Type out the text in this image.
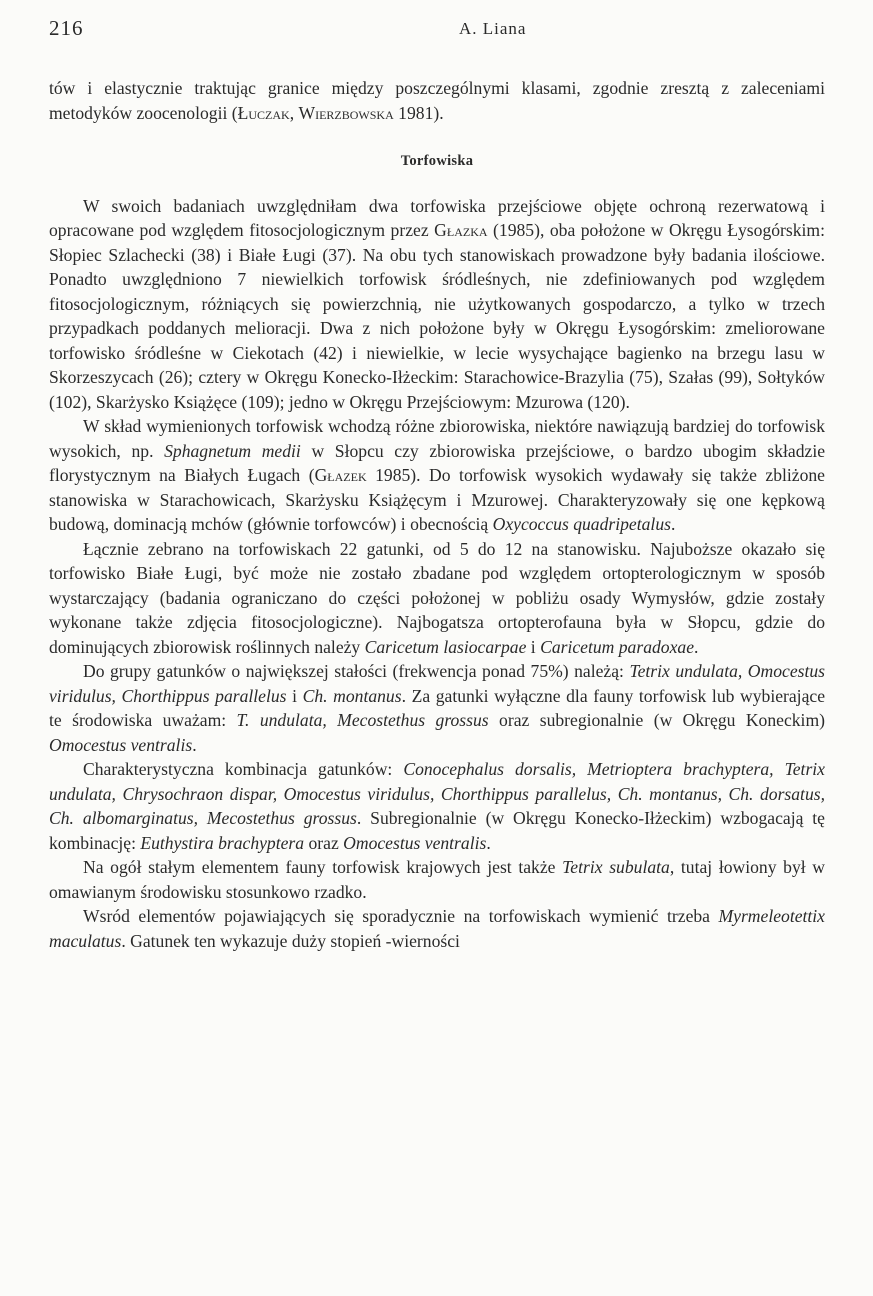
216	A. Liana

tów i elastycznie traktując granice między poszczególnymi klasami, zgodnie zresztą z zaleceniami metodyków zoocenologii (Łuczak, Wierzbowska 1981).

Torfowiska

W swoich badaniach uwzględniłam dwa torfowiska przejściowe objęte ochroną rezerwatową i opracowane pod względem fitosocjologicznym przez Głazka (1985), oba położone w Okręgu Łysogórskim: Słopiec Szlachecki (38) i Białe Ługi (37). Na obu tych stanowiskach prowadzone były badania ilościowe. Ponadto uwzględniono 7 niewielkich torfowisk śródleśnych, nie zdefiniowanych pod względem fitosocjologicznym, różniących się powierzchnią, nie użytkowanych gospodarczo, a tylko w trzech przypadkach poddanych melioracji. Dwa z nich położone były w Okręgu Łysogórskim: zmeliorowane torfowisko śródleśne w Ciekotach (42) i niewielkie, w lecie wysychające bagienko na brzegu lasu w Skorzeszycach (26); cztery w Okręgu Konecko-Iłżeckim: Starachowice-Brazylia (75), Szałas (99), Sołtyków (102), Skarżysko Książęce (109); jedno w Okręgu Przejściowym: Mzurowa (120).

W skład wymienionych torfowisk wchodzą różne zbiorowiska, niektóre nawiązują bardziej do torfowisk wysokich, np. Sphagnetum medii w Słopcu czy zbiorowiska przejściowe, o bardzo ubogim składzie florystycznym na Białych Ługach (Głazek 1985). Do torfowisk wysokich wydawały się także zbliżone stanowiska w Starachowicach, Skarżysku Książęcym i Mzurowej. Charakteryzowały się one kępkową budową, dominacją mchów (głównie torfowców) i obecnością Oxycoccus quadripetalus.

Łącznie zebrano na torfowiskach 22 gatunki, od 5 do 12 na stanowisku. Najuboższe okazało się torfowisko Białe Ługi, być może nie zostało zbadane pod względem ortopterologicznym w sposób wystarczający (badania ograniczano do części położonej w pobliżu osady Wymysłów, gdzie zostały wykonane także zdjęcia fitosocjologiczne). Najbogatsza ortopterofauna była w Słopcu, gdzie do dominujących zbiorowisk roślinnych należy Caricetum lasiocarpae i Caricetum paradoxae.

Do grupy gatunków o największej stałości (frekwencja ponad 75%) należą: Tetrix undulata, Omocestus viridulus, Chorthippus parallelus i Ch. montanus. Za gatunki wyłączne dla fauny torfowisk lub wybierające te środowiska uważam: T. undulata, Mecostethus grossus oraz subregionalnie (w Okręgu Koneckim) Omocestus ventralis.

Charakterystyczna kombinacja gatunków: Conocephalus dorsalis, Metrioptera brachyptera, Tetrix undulata, Chrysochraon dispar, Omocestus viridulus, Chorthippus parallelus, Ch. montanus, Ch. dorsatus, Ch. albomarginatus, Mecostethus grossus. Subregionalnie (w Okręgu Konecko-Iłżeckim) wzbogacają tę kombinację: Euthystira brachyptera oraz Omocestus ventralis.

Na ogół stałym elementem fauny torfowisk krajowych jest także Tetrix subulata, tutaj łowiony był w omawianym środowisku stosunkowo rzadko.

Wsród elementów pojawiających się sporadycznie na torfowiskach wymienić trzeba Myrmeleotettix maculatus. Gatunek ten wykazuje duży stopień -wierności
